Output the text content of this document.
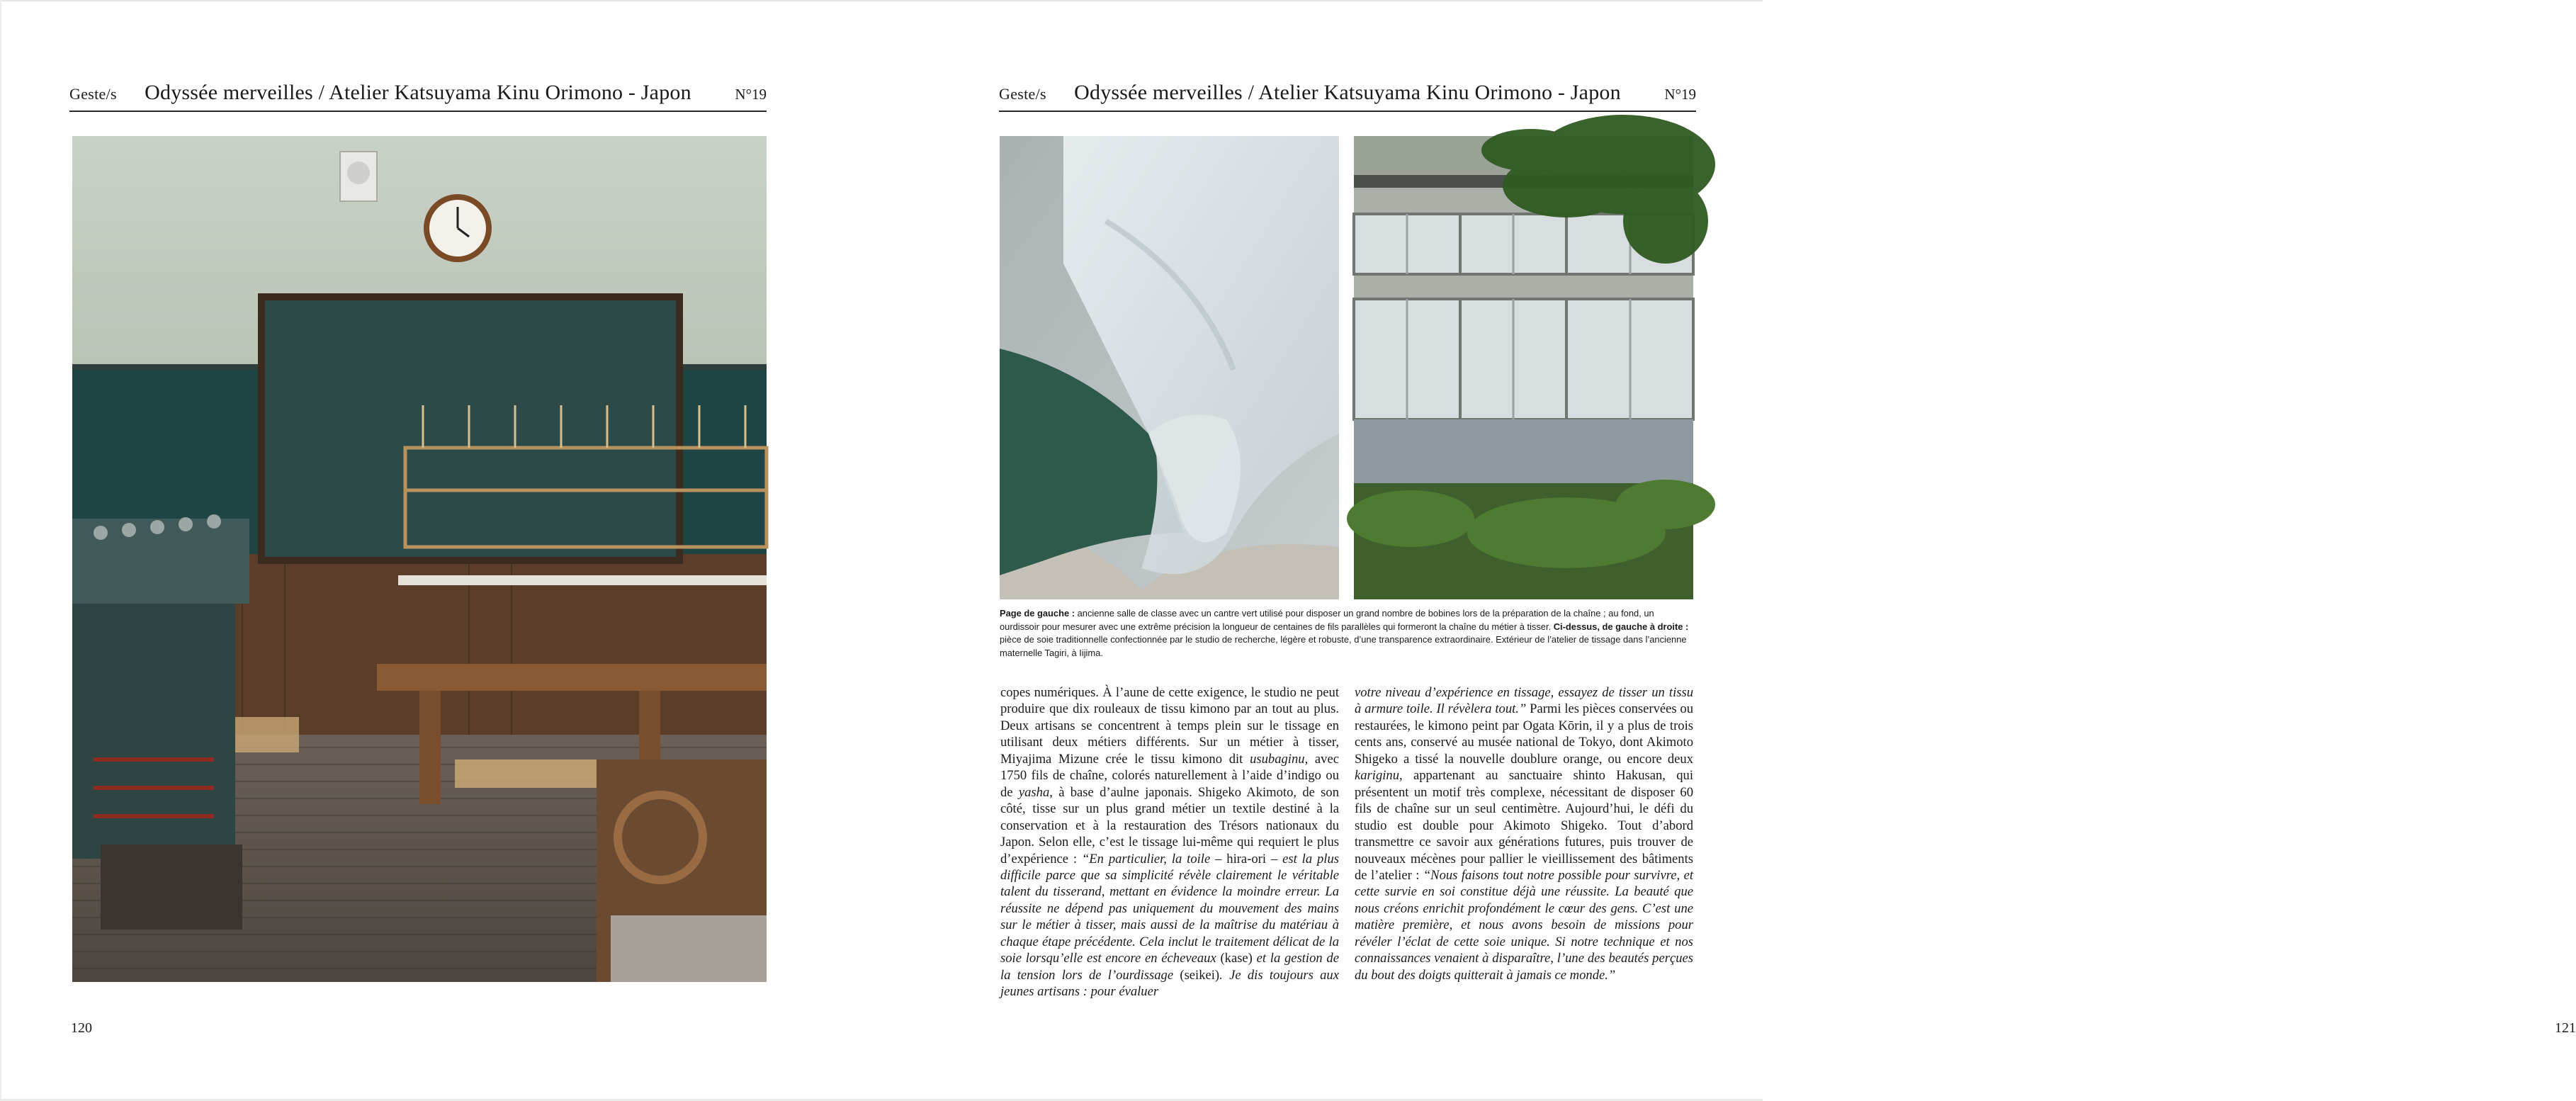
Geste/s	Odyssée merveilles / Atelier Katsuyama Kinu Orimono - Japon	N°19
120
Geste/s	Odyssée merveilles / Atelier Katsuyama Kinu Orimono - Japon	N°19
121
Page de gauche : ancienne salle de classe avec un cantre vert utilisé pour disposer un grand nombre de bobines lors de la préparation de la chaîne ; au fond, un ourdissoir pour mesurer avec une extrême précision la longueur de centaines de fils parallèles qui formeront la chaîne du métier à tisser. Ci-dessus, de gauche à droite : pièce de soie traditionnelle confectionnée par le studio de recherche, légère et robuste, d’une transparence extraordinaire. Extérieur de l’atelier de tissage dans l’ancienne maternelle Tagiri, à Iijima.
copes numériques. À l’aune de cette exigence, le studio ne peut produire que dix rouleaux de tissu kimono par an tout au plus. Deux artisans se concentrent à temps plein sur le tissage en utilisant deux métiers différents. Sur un métier à tisser, Miyajima Mizune crée le tissu kimono dit usubaginu, avec 1750 fils de chaîne, colorés naturellement à l’aide d’indigo ou de yasha, à base d’aulne japonais. Shigeko Akimoto, de son côté, tisse sur un plus grand métier un textile destiné à la conservation et à la restauration des Trésors nationaux du Japon. Selon elle, c’est le tissage lui-même qui requiert le plus d’expérience : “En particulier, la toile – hira-ori – est la plus difficile parce que sa simplicité révèle clairement le véritable talent du tisserand, mettant en évidence la moindre erreur. La réussite ne dépend pas uniquement du mouvement des mains sur le métier à tisser, mais aussi de la maîtrise du matériau à chaque étape précédente. Cela inclut le traitement délicat de la soie lorsqu’elle est encore en écheveaux (kase) et la gestion de la tension lors de l’ourdissage (seikei). Je dis toujours aux jeunes artisans : pour évaluer
votre niveau d’expérience en tissage, essayez de tisser un tissu à armure toile. Il révèlera tout.” Parmi les pièces conservées ou restaurées, le kimono peint par Ogata Kōrin, il y a plus de trois cents ans, conservé au musée national de Tokyo, dont Akimoto Shigeko a tissé la nouvelle doublure orange, ou encore deux kariginu, appartenant au sanctuaire shinto Hakusan, qui présentent un motif très complexe, nécessitant de disposer 60 fils de chaîne sur un seul centimètre. Aujourd’hui, le défi du studio est double pour Akimoto Shigeko. Tout d’abord transmettre ce savoir aux générations futures, puis trouver de nouveaux mécènes pour pallier le vieillissement des bâtiments de l’atelier : “Nous faisons tout notre possible pour survivre, et cette survie en soi constitue déjà une réussite. La beauté que nous créons enrichit profondément le cœur des gens. C’est une matière première, et nous avons besoin de missions pour révéler l’éclat de cette soie unique. Si notre technique et nos connaissances venaient à disparaître, l’une des beautés perçues du bout des doigts quitterait à jamais ce monde.”
